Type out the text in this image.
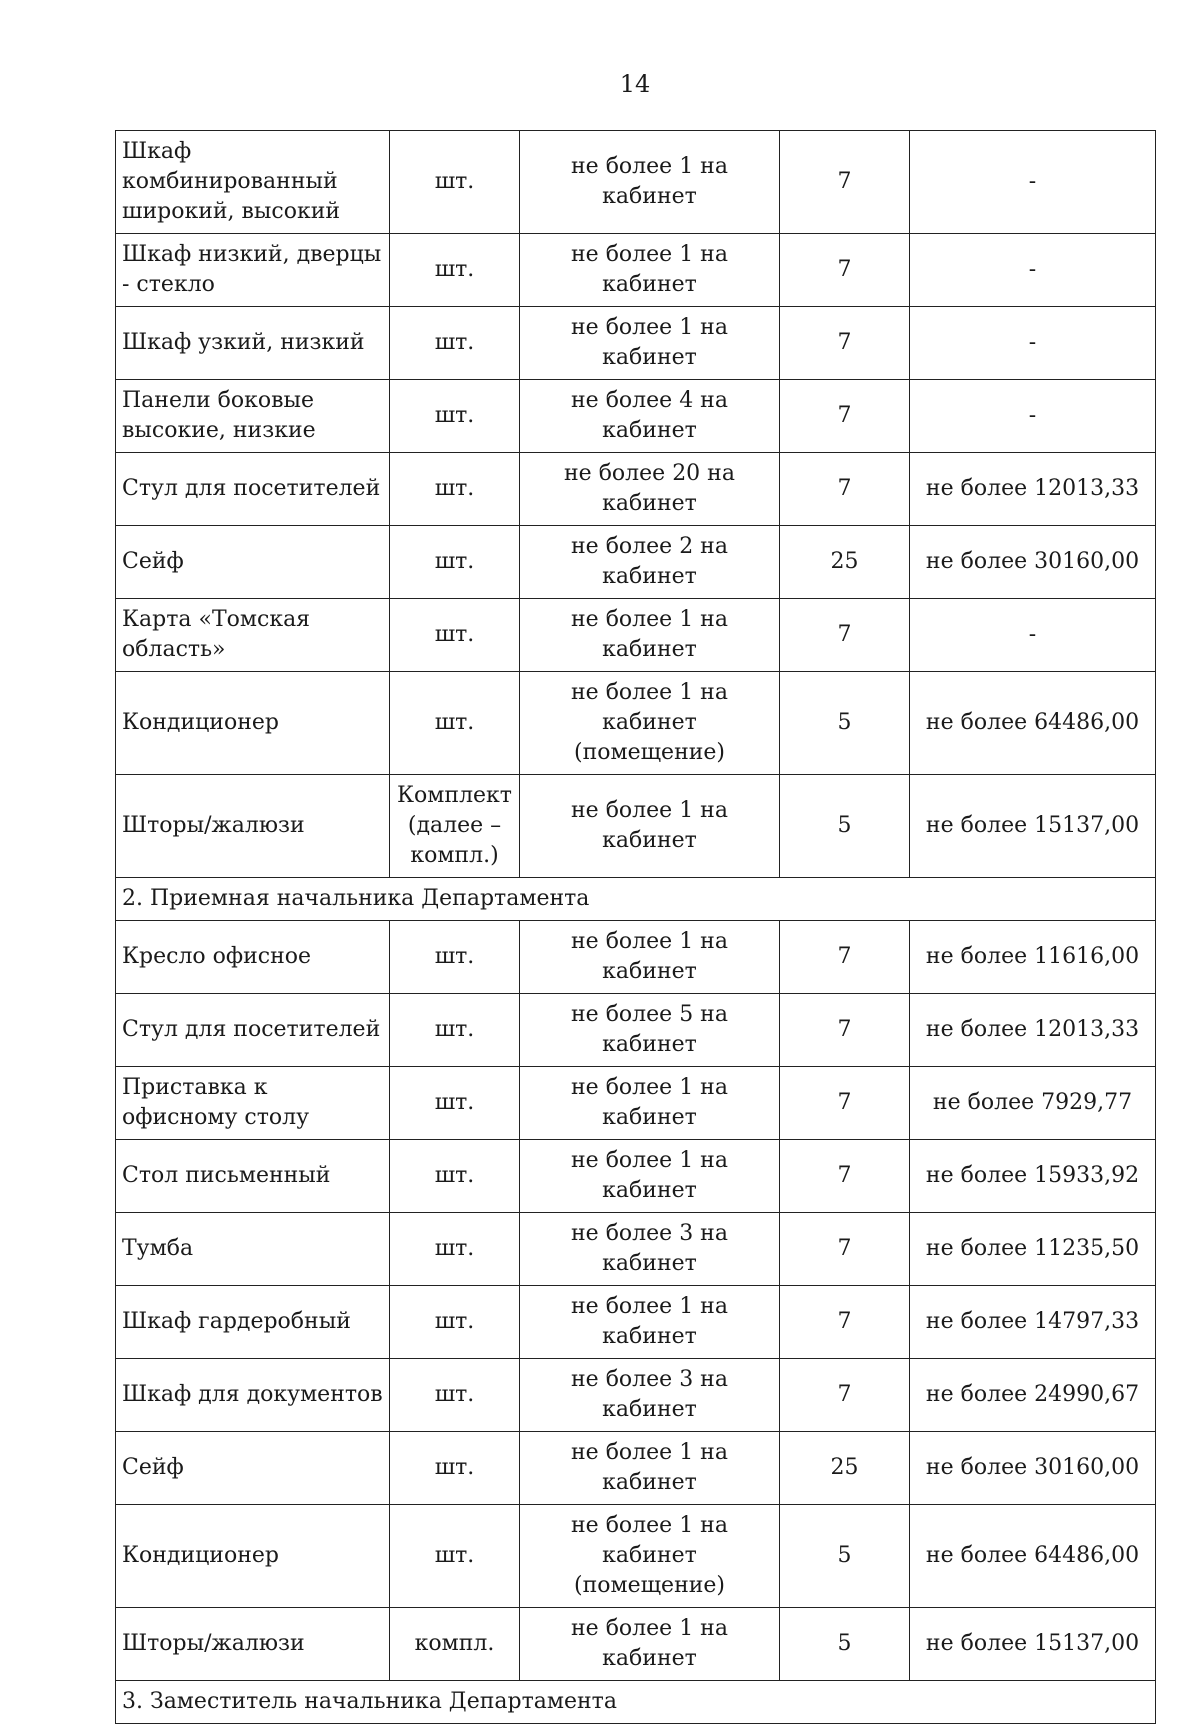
14
Шкаф комбинированный широкий, высокий	шт.	не более 1 на кабинет	7	-
Шкаф низкий, дверцы - стекло	шт.	не более 1 на кабинет	7	-
Шкаф узкий, низкий	шт.	не более 1 на кабинет	7	-
Панели боковые высокие, низкие	шт.	не более 4 на кабинет	7	-
Стул для посетителей	шт.	не более 20 на кабинет	7	не более 12013,33
Сейф	шт.	не более 2 на кабинет	25	не более 30160,00
Карта «Томская область»	шт.	не более 1 на кабинет	7	-
Кондиционер	шт.	не более 1 на кабинет (помещение)	5	не более 64486,00
Шторы/жалюзи	Комплект (далее – компл.)	не более 1 на кабинет	5	не более 15137,00
2. Приемная начальника Департамента				
Кресло офисное	шт.	не более 1 на кабинет	7	не более 11616,00
Стул для посетителей	шт.	не более 5 на кабинет	7	не более 12013,33
Приставка к офисному столу	шт.	не более 1 на кабинет	7	не более 7929,77
Стол письменный	шт.	не более 1 на кабинет	7	не более 15933,92
Тумба	шт.	не более 3 на кабинет	7	не более 11235,50
Шкаф гардеробный	шт.	не более 1 на кабинет	7	не более 14797,33
Шкаф для документов	шт.	не более 3 на кабинет	7	не более 24990,67
Сейф	шт.	не более 1 на кабинет	25	не более 30160,00
Кондиционер	шт.	не более 1 на кабинет (помещение)	5	не более 64486,00
Шторы/жалюзи	компл.	не более 1 на кабинет	5	не более 15137,00
3. Заместитель начальника Департамента				
